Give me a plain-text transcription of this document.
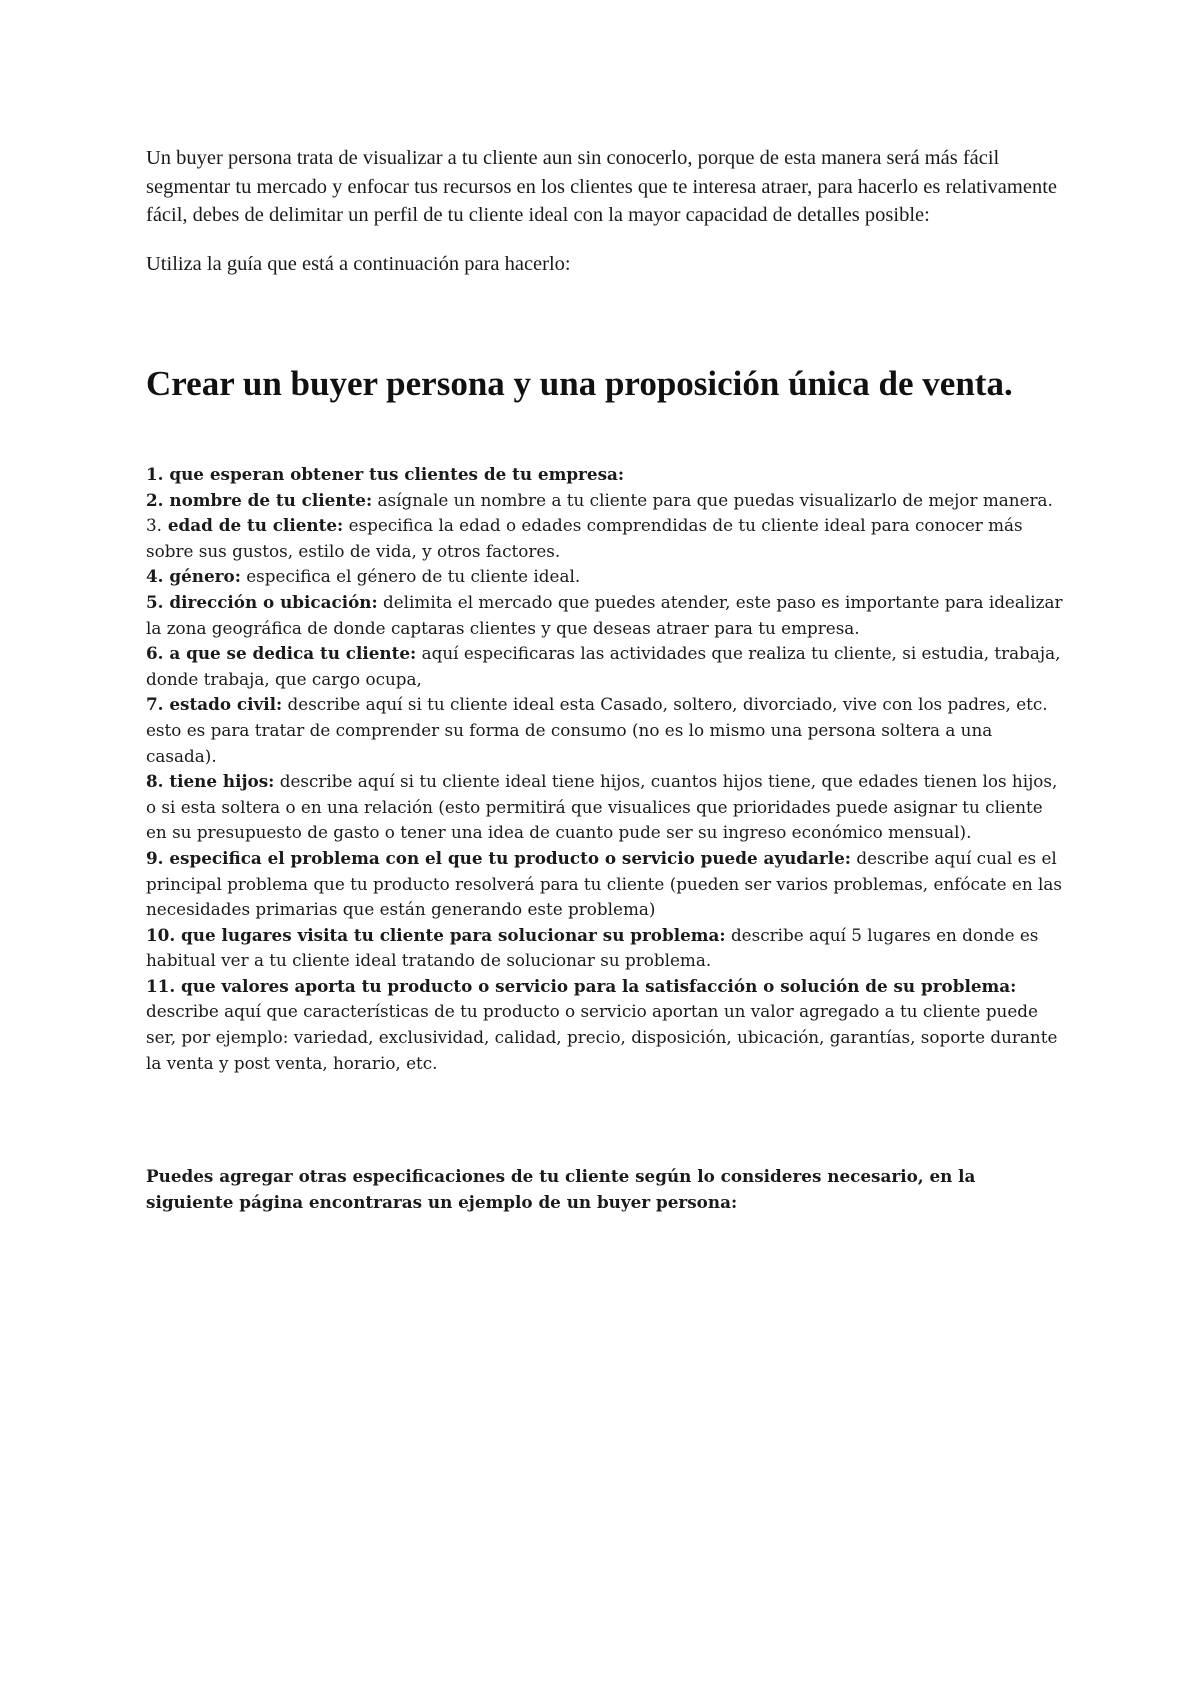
Un buyer persona trata de visualizar a tu cliente aun sin conocerlo, porque de esta manera será más fácil segmentar tu mercado y enfocar tus recursos en los clientes que te interesa atraer, para hacerlo es relativamente fácil, debes de delimitar un perfil de tu cliente ideal con la mayor capacidad de detalles posible:

Utiliza la guía que está a continuación para hacerlo:

Crear un buyer persona y una proposición única de venta.
1. que esperan obtener tus clientes de tu empresa:
2. nombre de tu cliente: asígnale un nombre a tu cliente para que puedas visualizarlo de mejor manera.
3. edad de tu cliente: especifica la edad o edades comprendidas de tu cliente ideal para conocer más sobre sus gustos, estilo de vida, y otros factores.
4. género: especifica el género de tu cliente ideal.
5. dirección o ubicación: delimita el mercado que puedes atender, este paso es importante para idealizar la zona geográfica de donde captaras clientes y que deseas atraer para tu empresa.
6. a que se dedica tu cliente: aquí especificaras las actividades que realiza tu cliente, si estudia, trabaja, donde trabaja, que cargo ocupa,
7. estado civil: describe aquí si tu cliente ideal esta Casado, soltero, divorciado, vive con los padres, etc. esto es para tratar de comprender su forma de consumo (no es lo mismo una persona soltera a una casada).
8. tiene hijos: describe aquí si tu cliente ideal tiene hijos, cuantos hijos tiene, que edades tienen los hijos, o si esta soltera o en una relación (esto permitirá que visualices que prioridades puede asignar tu cliente en su presupuesto de gasto o tener una idea de cuanto pude ser su ingreso económico mensual).
9. especifica el problema con el que tu producto o servicio puede ayudarle: describe aquí cual es el principal problema que tu producto resolverá para tu cliente (pueden ser varios problemas, enfócate en las necesidades primarias que están generando este problema)
10. que lugares visita tu cliente para solucionar su problema: describe aquí 5 lugares en donde es habitual ver a tu cliente ideal tratando de solucionar su problema.
11. que valores aporta tu producto o servicio para la satisfacción o solución de su problema: describe aquí que características de tu producto o servicio aportan un valor agregado a tu cliente puede ser, por ejemplo: variedad, exclusividad, calidad, precio, disposición, ubicación, garantías, soporte durante la venta y post venta, horario, etc.

Puedes agregar otras especificaciones de tu cliente según lo consideres necesario, en la siguiente página encontraras un ejemplo de un buyer persona:
